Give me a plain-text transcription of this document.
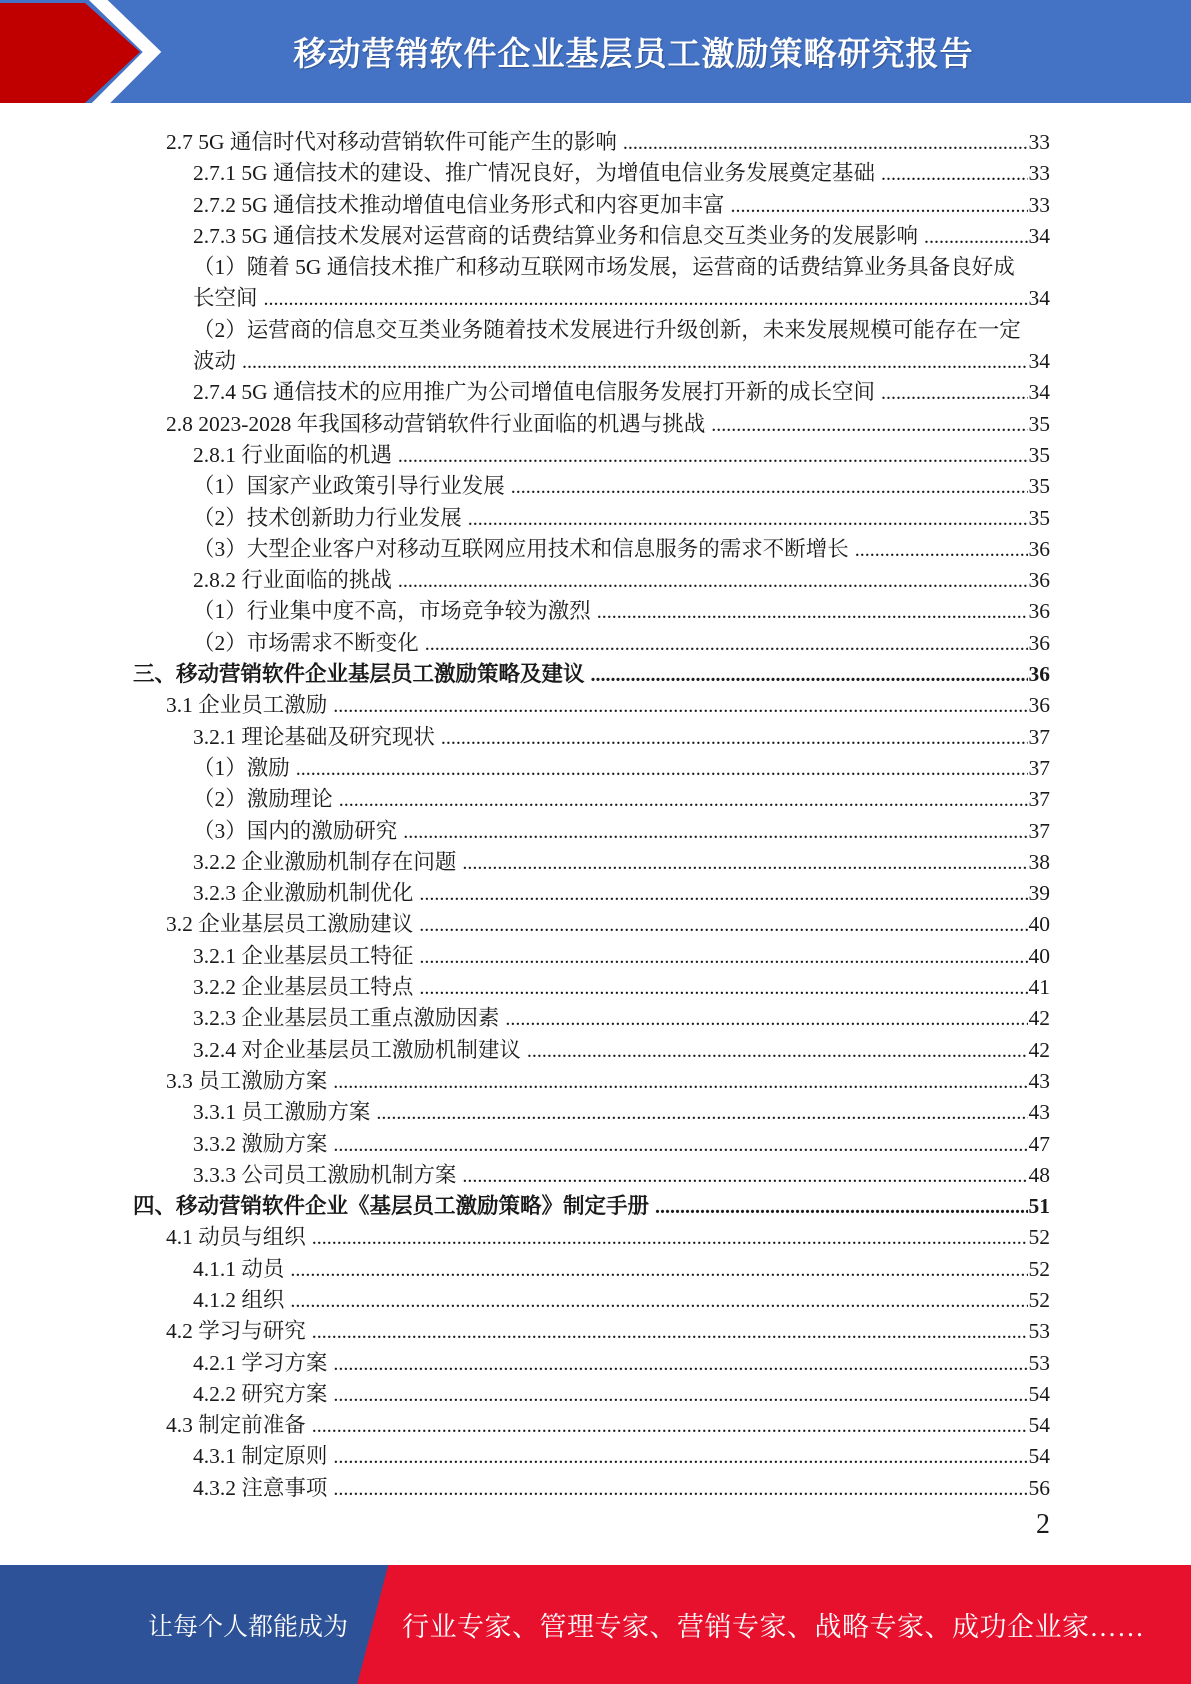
移动营销软件企业基层员工激励策略研究报告
2.7 5G 通信时代对移动营销软件可能产生的影响 .....	33
2.7.1 5G 通信技术的建设、推广情况良好，为增值电信业务发展奠定基础 .....	33
2.7.2 5G 通信技术推动增值电信业务形式和内容更加丰富 .....	33
2.7.3 5G 通信技术发展对运营商的话费结算业务和信息交互类业务的发展影响 .....	34
（1）随着 5G 通信技术推广和移动互联网市场发展，运营商的话费结算业务具备良好成
长空间 .....	34
（2）运营商的信息交互类业务随着技术发展进行升级创新，未来发展规模可能存在一定
波动 .....	34
2.7.4 5G 通信技术的应用推广为公司增值电信服务发展打开新的成长空间 .....	34
2.8 2023-2028 年我国移动营销软件行业面临的机遇与挑战 .....	35
2.8.1 行业面临的机遇 .....	35
（1）国家产业政策引导行业发展 .....	35
（2）技术创新助力行业发展 .....	35
（3）大型企业客户对移动互联网应用技术和信息服务的需求不断增长 .....	36
2.8.2 行业面临的挑战 .....	36
（1）行业集中度不高，市场竞争较为激烈 .....	36
（2）市场需求不断变化 .....	36
三、移动营销软件企业基层员工激励策略及建议 .....	36
3.1 企业员工激励 .....	36
3.2.1 理论基础及研究现状 .....	37
（1）激励 .....	37
（2）激励理论 .....	37
（3）国内的激励研究 .....	37
3.2.2 企业激励机制存在问题 .....	38
3.2.3 企业激励机制优化 .....	39
3.2 企业基层员工激励建议 .....	40
3.2.1 企业基层员工特征 .....	40
3.2.2 企业基层员工特点 .....	41
3.2.3 企业基层员工重点激励因素 .....	42
3.2.4 对企业基层员工激励机制建议 .....	42
3.3 员工激励方案 .....	43
3.3.1 员工激励方案 .....	43
3.3.2 激励方案 .....	47
3.3.3 公司员工激励机制方案 .....	48
四、移动营销软件企业《基层员工激励策略》制定手册 .....	51
4.1 动员与组织 .....	52
4.1.1 动员 .....	52
4.1.2 组织 .....	52
4.2 学习与研究 .....	53
4.2.1 学习方案 .....	53
4.2.2 研究方案 .....	54
4.3 制定前准备 .....	54
4.3.1 制定原则 .....	54
4.3.2 注意事项 .....	56
2
让每个人都能成为 行业专家、管理专家、营销专家、战略专家、成功企业家……
